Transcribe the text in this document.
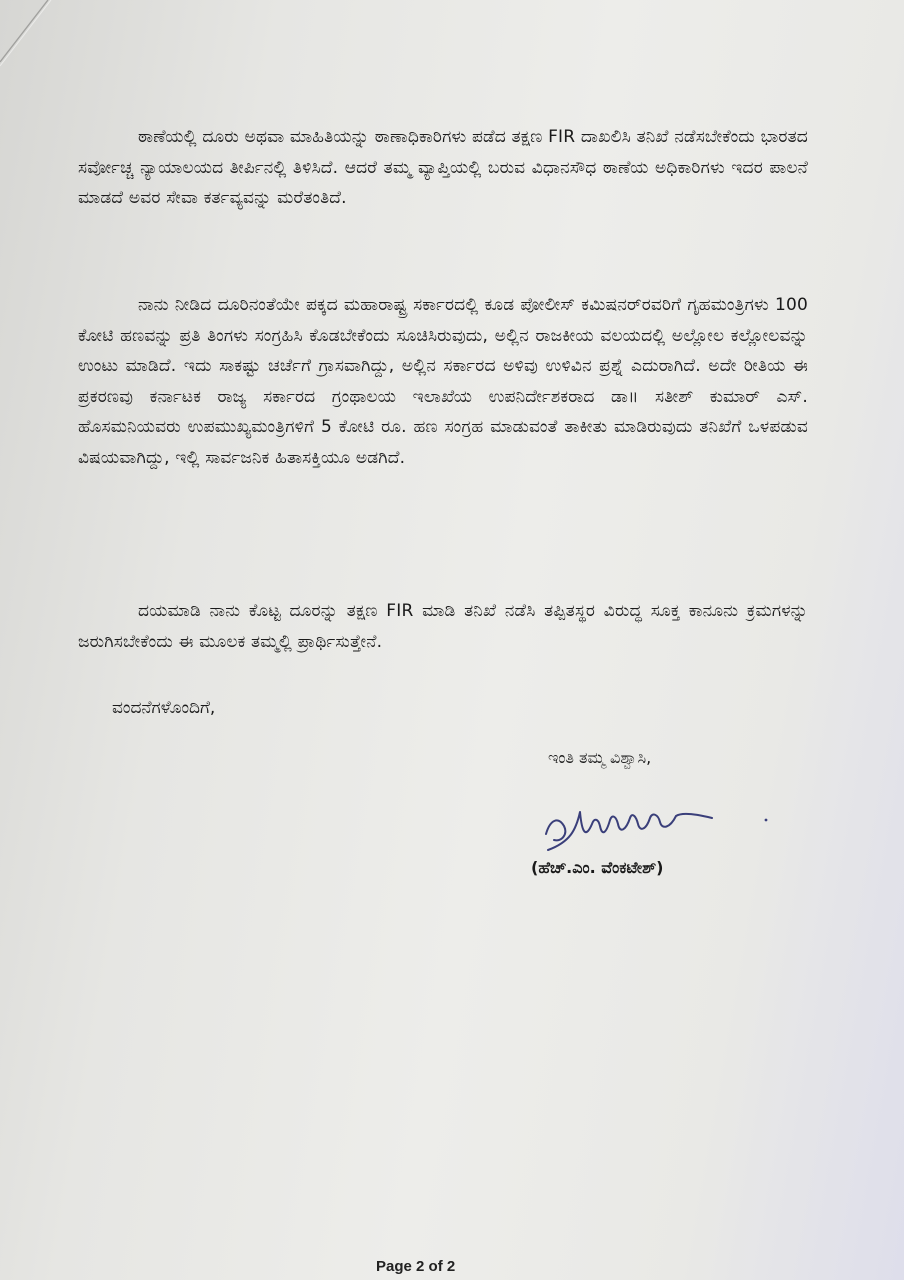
ಠಾಣೆಯಲ್ಲಿ ದೂರು ಅಥವಾ ಮಾಹಿತಿಯನ್ನು ಠಾಣಾಧಿಕಾರಿಗಳು ಪಡೆದ ತಕ್ಷಣ FIR ದಾಖಲಿಸಿ ತನಿಖೆ ನಡೆಸಬೇಕೆಂದು ಭಾರತದ ಸರ್ವೋಚ್ಚ ನ್ಯಾಯಾಲಯದ ತೀರ್ಪಿನಲ್ಲಿ ತಿಳಿಸಿದೆ. ಆದರೆ ತಮ್ಮ ವ್ಯಾಪ್ತಿಯಲ್ಲಿ ಬರುವ ವಿಧಾನಸೌಧ ಠಾಣೆಯ ಅಧಿಕಾರಿಗಳು ಇದರ ಪಾಲನೆ ಮಾಡದೆ ಅವರ ಸೇವಾ ಕರ್ತವ್ಯವನ್ನು ಮರೆತಂತಿದೆ.
ನಾನು ನೀಡಿದ ದೂರಿನಂತೆಯೇ ಪಕ್ಕದ ಮಹಾರಾಷ್ಟ್ರ ಸರ್ಕಾರದಲ್ಲಿ ಕೂಡ ಪೋಲೀಸ್ ಕಮಿಷನರ್‌ರವರಿಗೆ ಗೃಹಮಂತ್ರಿಗಳು 100 ಕೋಟಿ ಹಣವನ್ನು ಪ್ರತಿ ತಿಂಗಳು ಸಂಗ್ರಹಿಸಿ ಕೊಡಬೇಕೆಂದು ಸೂಚಿಸಿರುವುದು, ಅಲ್ಲಿನ ರಾಜಕೀಯ ವಲಯದಲ್ಲಿ ಅಲ್ಲೋಲ ಕಲ್ಲೋಲವನ್ನು ಉಂಟು ಮಾಡಿದೆ. ಇದು ಸಾಕಷ್ಟು ಚರ್ಚೆಗೆ ಗ್ರಾಸವಾಗಿದ್ದು, ಅಲ್ಲಿನ ಸರ್ಕಾರದ ಅಳಿವು ಉಳಿವಿನ ಪ್ರಶ್ನೆ ಎದುರಾಗಿದೆ. ಅದೇ ರೀತಿಯ ಈ ಪ್ರಕರಣವು ಕರ್ನಾಟಕ ರಾಜ್ಯ ಸರ್ಕಾರದ ಗ್ರಂಥಾಲಯ ಇಲಾಖೆಯ ಉಪನಿರ್ದೇಶಕರಾದ ಡಾ॥ ಸತೀಶ್ ಕುಮಾರ್ ಎಸ್. ಹೊಸಮನಿಯವರು ಉಪಮುಖ್ಯಮಂತ್ರಿಗಳಿಗೆ 5 ಕೋಟಿ ರೂ. ಹಣ ಸಂಗ್ರಹ ಮಾಡುವಂತೆ ತಾಕೀತು ಮಾಡಿರುವುದು ತನಿಖೆಗೆ ಒಳಪಡುವ ವಿಷಯವಾಗಿದ್ದು, ಇಲ್ಲಿ ಸಾರ್ವಜನಿಕ ಹಿತಾಸಕ್ತಿಯೂ ಅಡಗಿದೆ.
ದಯಮಾಡಿ ನಾನು ಕೊಟ್ಟ ದೂರನ್ನು ತಕ್ಷಣ FIR ಮಾಡಿ ತನಿಖೆ ನಡೆಸಿ ತಪ್ಪಿತಸ್ಥರ ವಿರುದ್ಧ ಸೂಕ್ತ ಕಾನೂನು ಕ್ರಮಗಳನ್ನು ಜರುಗಿಸಬೇಕೆಂದು ಈ ಮೂಲಕ ತಮ್ಮಲ್ಲಿ ಪ್ರಾರ್ಥಿಸುತ್ತೇನೆ.
ವಂದನೆಗಳೊಂದಿಗೆ,
ಇಂತಿ ತಮ್ಮ ವಿಶ್ವಾಸಿ,
(ಹೆಚ್.ಎಂ. ವೆಂಕಟೇಶ್)
Page 2 of 2
